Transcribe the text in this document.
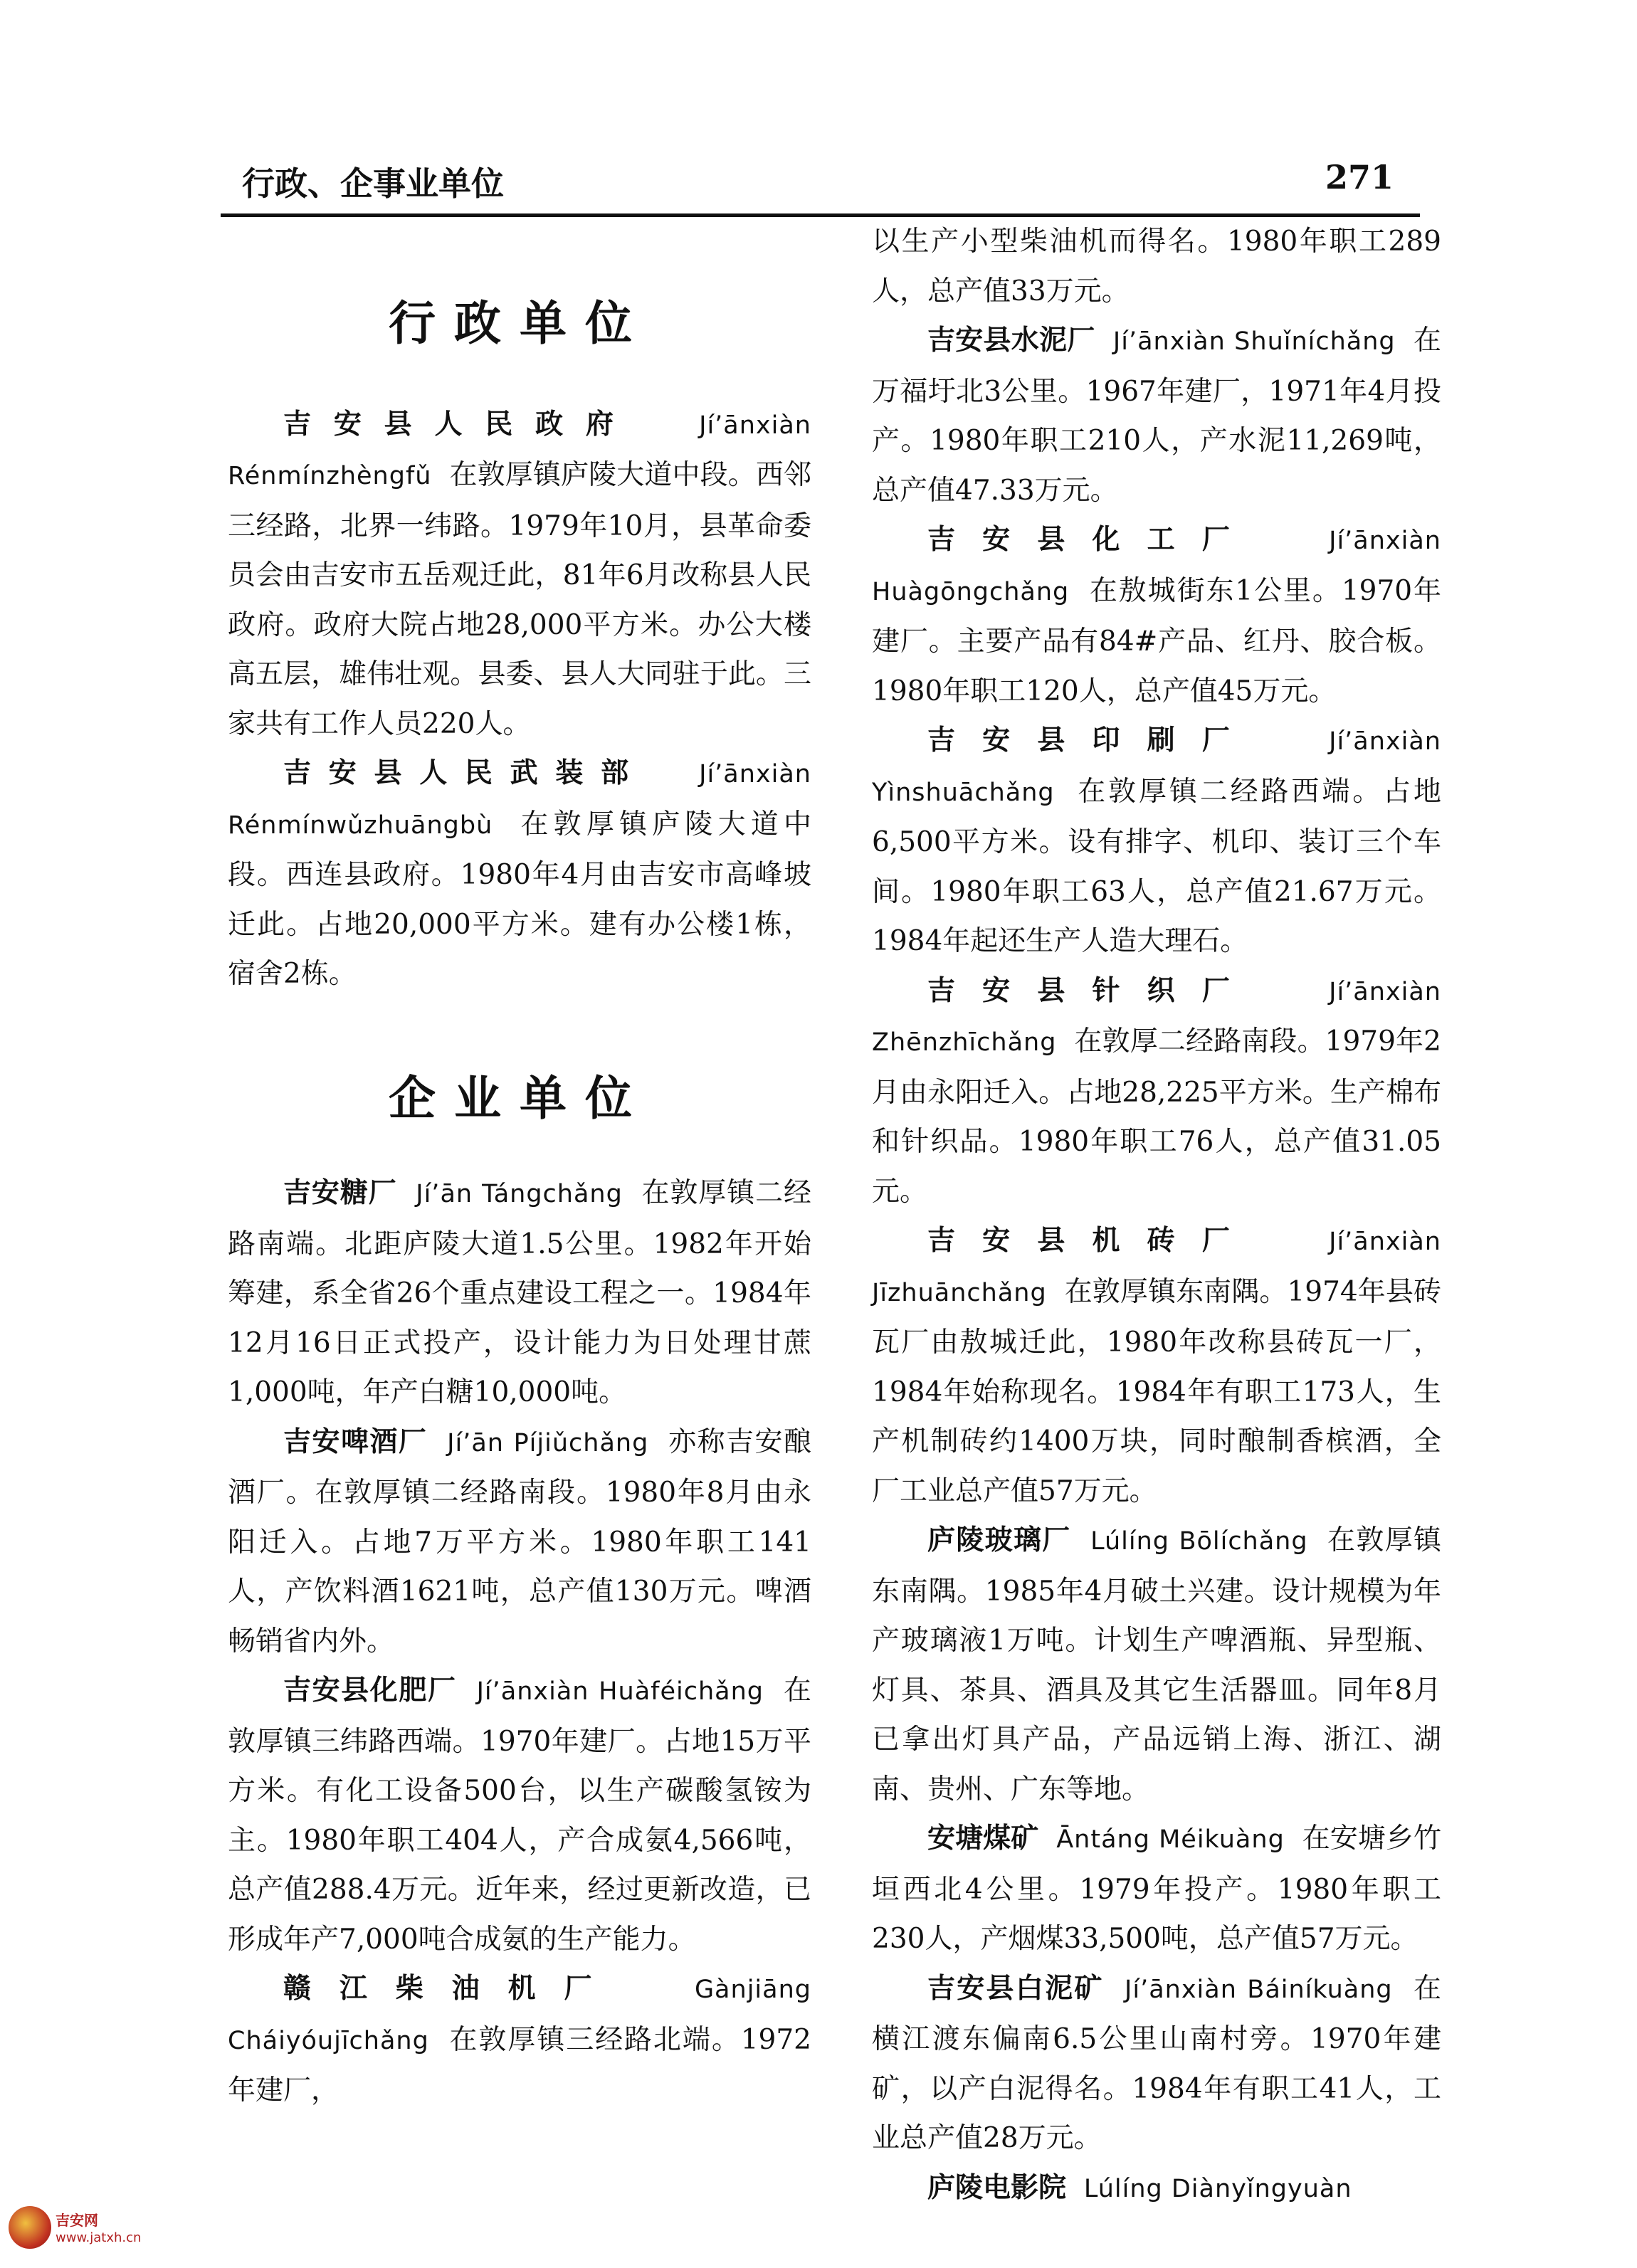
行政、企事业单位	271
行政单位

吉安县人民政府	Jí’ānxiàn Rénmínzhèngfǔ 在敦厚镇庐陵大道中段。西邻三经路，北界一纬路。1979年10月，县革命委员会由吉安市五岳观迁此，81年6月改称县人民政府。政府大院占地28,000平方米。办公大楼高五层，雄伟壮观。县委、县人大同驻于此。三家共有工作人员220人。

吉安县人民武装部 Jí’ānxiàn Rénmínwǔzhuāngbù 在敦厚镇庐陵大道中段。西连县政府。1980年4月由吉安市高峰坡迁此。占地20,000平方米。建有办公楼1栋，宿舍2栋。

企业单位

吉安糖厂 Jí’ān Tángchǎng 在敦厚镇二经路南端。北距庐陵大道1.5公里。1982年开始筹建，系全省26个重点建设工程之一。1984年12月16日正式投产，设计能力为日处理甘蔗1,000吨，年产白糖10,000吨。

吉安啤酒厂 Jí’ān Píjiǔchǎng 亦称吉安酿酒厂。在敦厚镇二经路南段。1980年8月由永阳迁入。占地7万平方米。1980年职工141人，产饮料酒1621吨，总产值130万元。啤酒畅销省内外。

吉安县化肥厂 Jí’ānxiàn Huàféichǎng 在敦厚镇三纬路西端。1970年建厂。占地15万平方米。有化工设备500台，以生产碳酸氢铵为主。1980年职工404人，产合成氨4,566吨，总产值288.4万元。近年来，经过更新改造，已形成年产7,000吨合成氨的生产能力。

赣江柴油机厂	Gànjiāng Cháiyóujīchǎng 在敦厚镇三经路北端。1972年建厂，

以生产小型柴油机而得名。1980年职工289人，总产值33万元。

吉安县水泥厂 Jí’ānxiàn Shuǐníchǎng 在万福圩北3公里。1967年建厂，1971年4月投产。1980年职工210人，产水泥11,269吨，总产值47.33万元。

吉安县化工厂	Jí’ānxiàn Huàgōngchǎng 在敖城街东1公里。1970年建厂。主要产品有84#产品、红丹、胶合板。1980年职工120人，总产值45万元。

吉安县印刷厂	Jí’ānxiàn Yìnshuāchǎng 在敦厚镇二经路西端。占地6,500平方米。设有排字、机印、装订三个车间。1980年职工63人，总产值21.67万元。1984年起还生产人造大理石。

吉安县针织厂	Jí’ānxiàn Zhēnzhīchǎng 在敦厚二经路南段。1979年2月由永阳迁入。占地28,225平方米。生产棉布和针织品。1980年职工76人，总产值31.05元。

吉安县机砖厂	Jí’ānxiàn Jīzhuānchǎng 在敦厚镇东南隅。1974年县砖瓦厂由敖城迁此，1980年改称县砖瓦一厂，1984年始称现名。1984年有职工173人，生产机制砖约1400万块，同时酿制香槟酒，全厂工业总产值57万元。

庐陵玻璃厂 Lúlíng Bōlíchǎng 在敦厚镇东南隅。1985年4月破土兴建。设计规模为年产玻璃液1万吨。计划生产啤酒瓶、异型瓶、灯具、茶具、酒具及其它生活器皿。同年8月已拿出灯具产品，产品远销上海、浙江、湖南、贵州、广东等地。

安塘煤矿 Āntáng Méikuàng 在安塘乡竹垣西北4公里。1979年投产。1980年职工230人，产烟煤33,500吨，总产值57万元。

吉安县白泥矿 Jí’ānxiàn Báiníkuàng 在横江渡东偏南6.5公里山南村旁。1970年建矿，以产白泥得名。1984年有职工41人，工业总产值28万元。

庐陵电影院 Lúlíng Diànyǐngyuàn

吉安网
www.jatxh.cn
